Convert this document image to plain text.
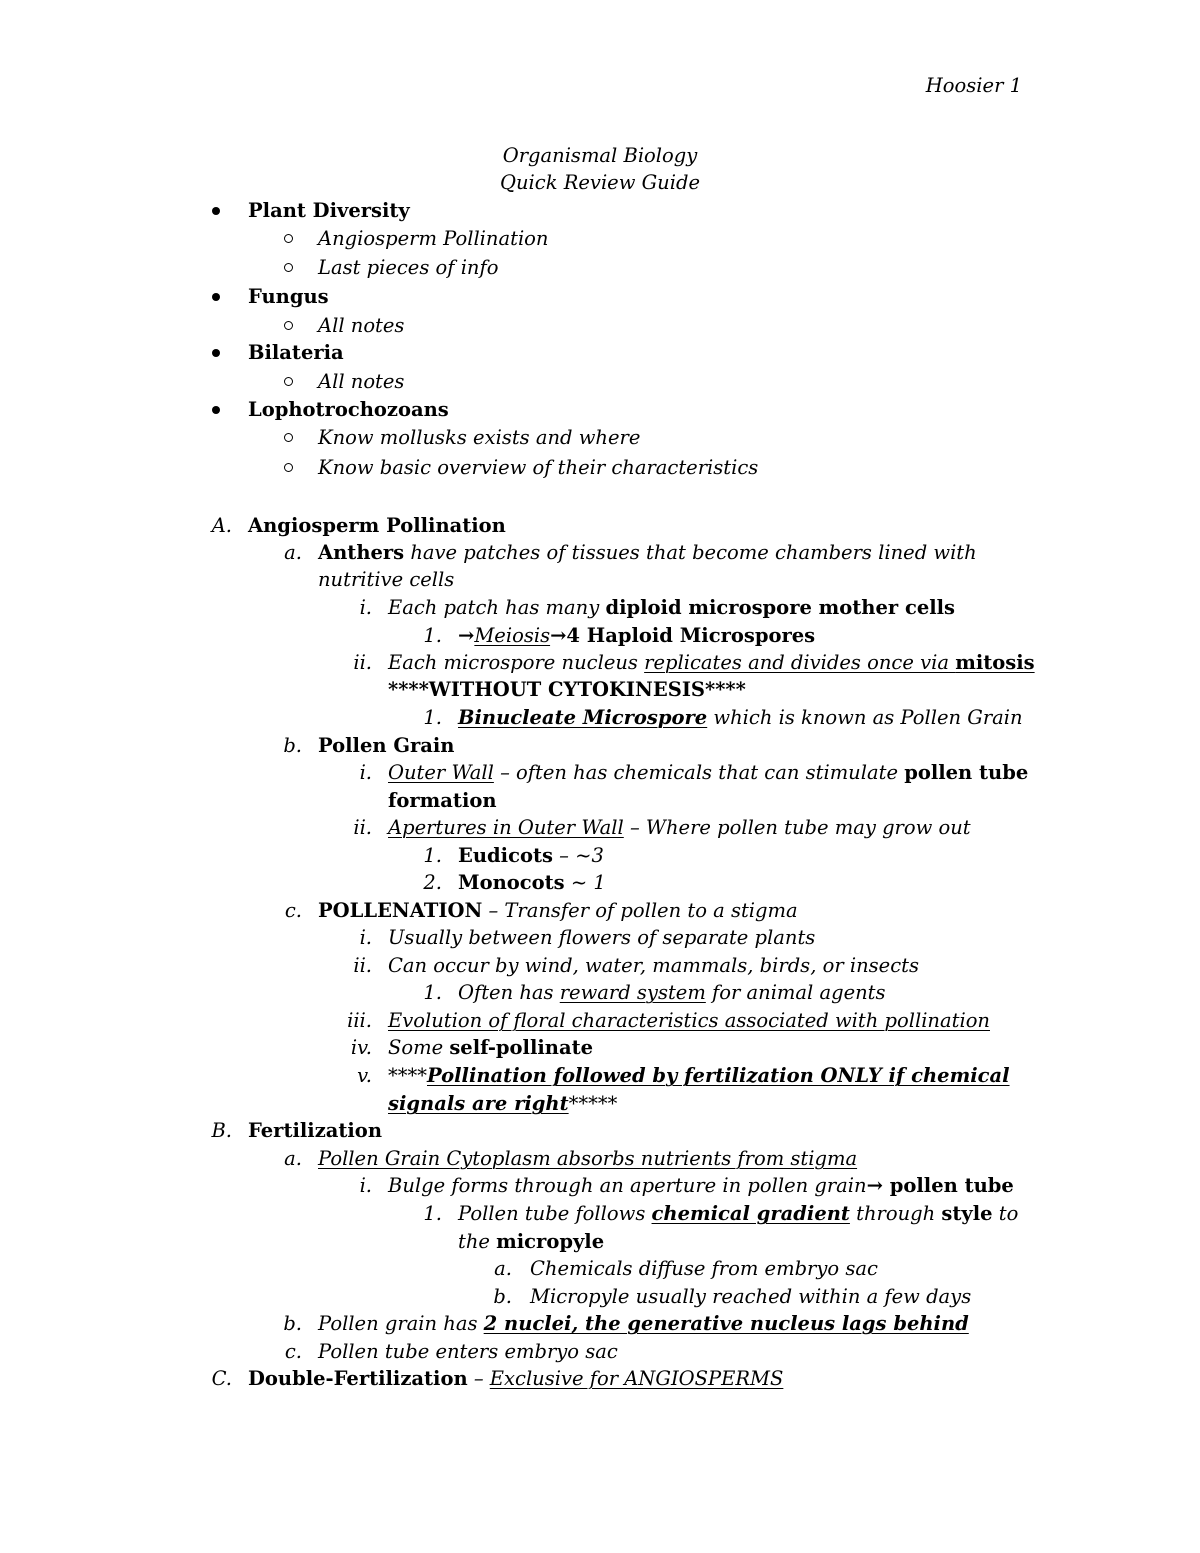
Hoosier 1
Organismal Biology
Quick Review Guide
Plant Diversity
Angiosperm Pollination
Last pieces of info
Fungus
All notes
Bilateria
All notes
Lophotrochozoans
Know mollusks exists and where
Know basic overview of their characteristics
A. Angiosperm Pollination
a. Anthers have patches of tissues that become chambers lined with
nutritive cells
i. Each patch has many diploid microspore mother cells
1. →Meiosis→4 Haploid Microspores
ii. Each microspore nucleus replicates and divides once via mitosis
****WITHOUT CYTOKINESIS****
1. Binucleate Microspore which is known as Pollen Grain
b. Pollen Grain
i. Outer Wall – often has chemicals that can stimulate pollen tube
formation
ii. Apertures in Outer Wall – Where pollen tube may grow out
1. Eudicots – ~3
2. Monocots ~ 1
c. POLLENATION – Transfer of pollen to a stigma
i. Usually between flowers of separate plants
ii. Can occur by wind, water, mammals, birds, or insects
1. Often has reward system for animal agents
iii. Evolution of floral characteristics associated with pollination
iv. Some self-pollinate
v. ****Pollination followed by fertilization ONLY if chemical
signals are right*****
B. Fertilization
a. Pollen Grain Cytoplasm absorbs nutrients from stigma
i. Bulge forms through an aperture in pollen grain→ pollen tube
1. Pollen tube follows chemical gradient through style to
the micropyle
a. Chemicals diffuse from embryo sac
b. Micropyle usually reached within a few days
b. Pollen grain has 2 nuclei, the generative nucleus lags behind
c. Pollen tube enters embryo sac
C. Double-Fertilization – Exclusive for ANGIOSPERMS
